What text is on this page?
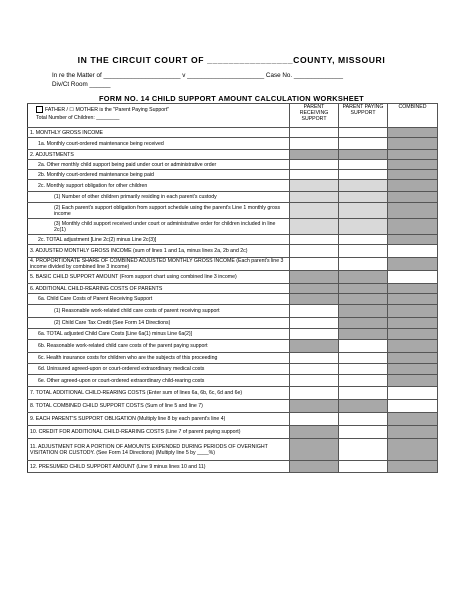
IN THE CIRCUIT COURT OF ________________COUNTY, MISSOURI
In re the Matter of ______________________ v ______________________ Case No. ______________
Div/Ct Room ______
FORM NO. 14 CHILD SUPPORT AMOUNT CALCULATION WORKSHEET
FATHER / ☐ MOTHER is the "Parent Paying Support"
Total Number of Children: ________	PARENT RECEIVING SUPPORT	PARENT PAYING SUPPORT	COMBINED
1. MONTHLY GROSS INCOME			
1a. Monthly court-ordered maintenance being received			
2. ADJUSTMENTS			
2a. Other monthly child support being paid under court or administrative order			
2b. Monthly court-ordered maintenance being paid			
2c. Monthly support obligation for other children			
(1) Number of other children primarily residing in each parent's custody			
(2) Each parent's support obligation from support schedule using the parent's Line 1 monthly gross income			
(3) Monthly child support received under court or administrative order for children included in line 2c(1)			
2c. TOTAL adjustment [Line 2c(2) minus Line 2c(3)]			
3. ADJUSTED MONTHLY GROSS INCOME (sum of lines 1 and 1a, minus lines 2a, 2b and 2c)			
4. PROPORTIONATE SHARE OF COMBINED ADJUSTED MONTHLY GROSS INCOME (Each parent's line 3 income divided by combined line 3 income)			
5. BASIC CHILD SUPPORT AMOUNT (From support chart using combined line 3 income)			
6. ADDITIONAL CHILD-REARING COSTS OF PARENTS			
6a. Child Care Costs of Parent Receiving Support			
(1) Reasonable work-related child care costs of parent receiving support			
(2) Child Care Tax Credit (See Form 14 Directions)			
6a. TOTAL adjusted Child Care Costs [Line 6a(1) minus Line 6a(2)]			
6b. Reasonable work-related child care costs of the parent paying support			
6c. Health insurance costs for children who are the subjects of this proceeding			
6d. Uninsured agreed-upon or court-ordered extraordinary medical costs			
6e. Other agreed-upon or court-ordered extraordinary child-rearing costs			
7. TOTAL ADDITIONAL CHILD-REARING COSTS (Enter sum of lines 6a, 6b, 6c, 6d and 6e)			
8. TOTAL COMBINED CHILD SUPPORT COSTS (Sum of line 5 and line 7)			
9. EACH PARENT'S SUPPORT OBLIGATION (Multiply line 8 by each parent's line 4)			
10. CREDIT FOR ADDITIONAL CHILD-REARING COSTS (Line 7 of parent paying support)			
11. ADJUSTMENT FOR A PORTION OF AMOUNTS EXPENDED DURING PERIODS OF OVERNIGHT VISITATION OR CUSTODY. (See Form 14 Directions) (Multiply line 5 by ____%)			
12. PRESUMED CHILD SUPPORT AMOUNT (Line 9 minus lines 10 and 11)			
